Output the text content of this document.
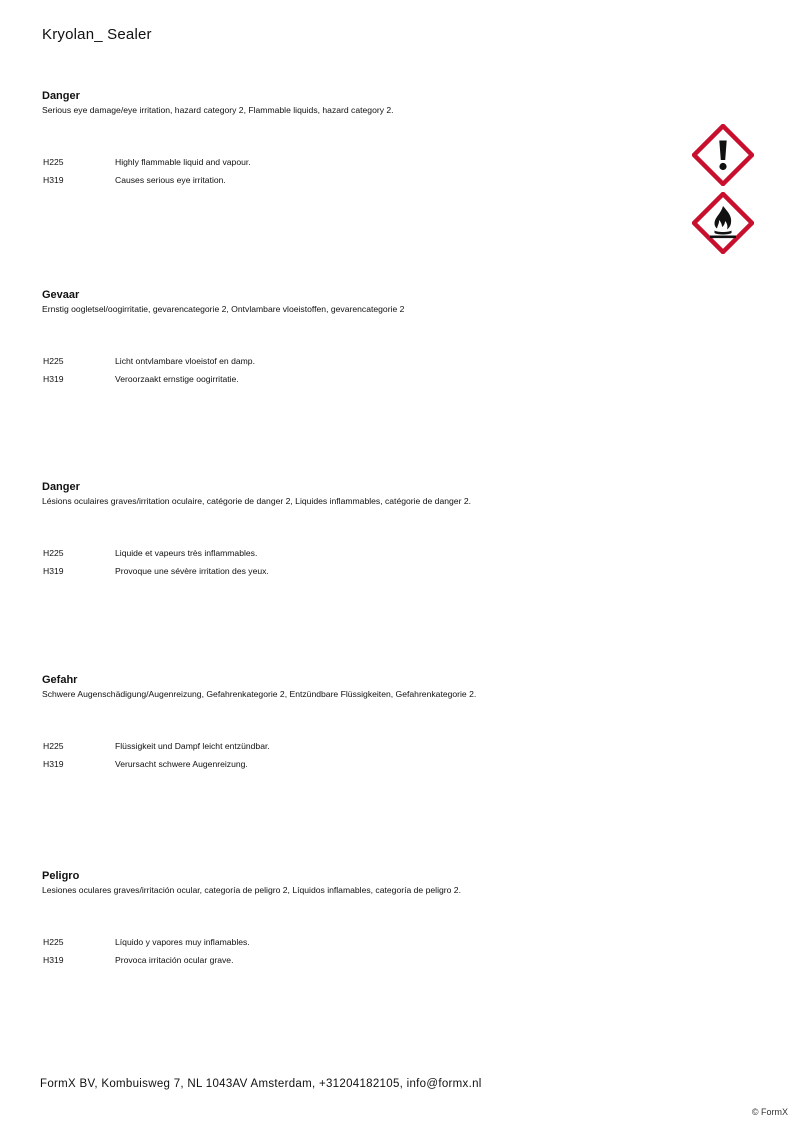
Kryolan_ Sealer
Danger
Serious eye damage/eye irritation, hazard category 2, Flammable liquids, hazard category 2.
H225	Highly flammable liquid and vapour.
H319	Causes serious eye irritation.
Gevaar
Ernstig oogletsel/oogirritatie, gevarencategorie 2, Ontvlambare vloeistoffen, gevarencategorie 2
H225	Licht ontvlambare vloeistof en damp.
H319	Veroorzaakt ernstige oogirritatie.
Danger
Lésions oculaires graves/irritation oculaire, catégorie de danger 2, Liquides inflammables, catégorie de danger 2.
H225	Liquide et vapeurs très inflammables.
H319	Provoque une sévère irritation des yeux.
Gefahr
Schwere Augenschädigung/Augenreizung, Gefahrenkategorie 2, Entzündbare Flüssigkeiten, Gefahrenkategorie 2.
H225	Flüssigkeit und Dampf leicht entzündbar.
H319	Verursacht schwere Augenreizung.
Peligro
Lesiones oculares graves/irritación ocular, categoría de peligro 2, Líquidos inflamables, categoría de peligro 2.
H225	Líquido y vapores muy inflamables.
H319	Provoca irritación ocular grave.
FormX BV, Kombuisweg 7, NL 1043AV Amsterdam, +31204182105, info@formx.nl
© FormX
